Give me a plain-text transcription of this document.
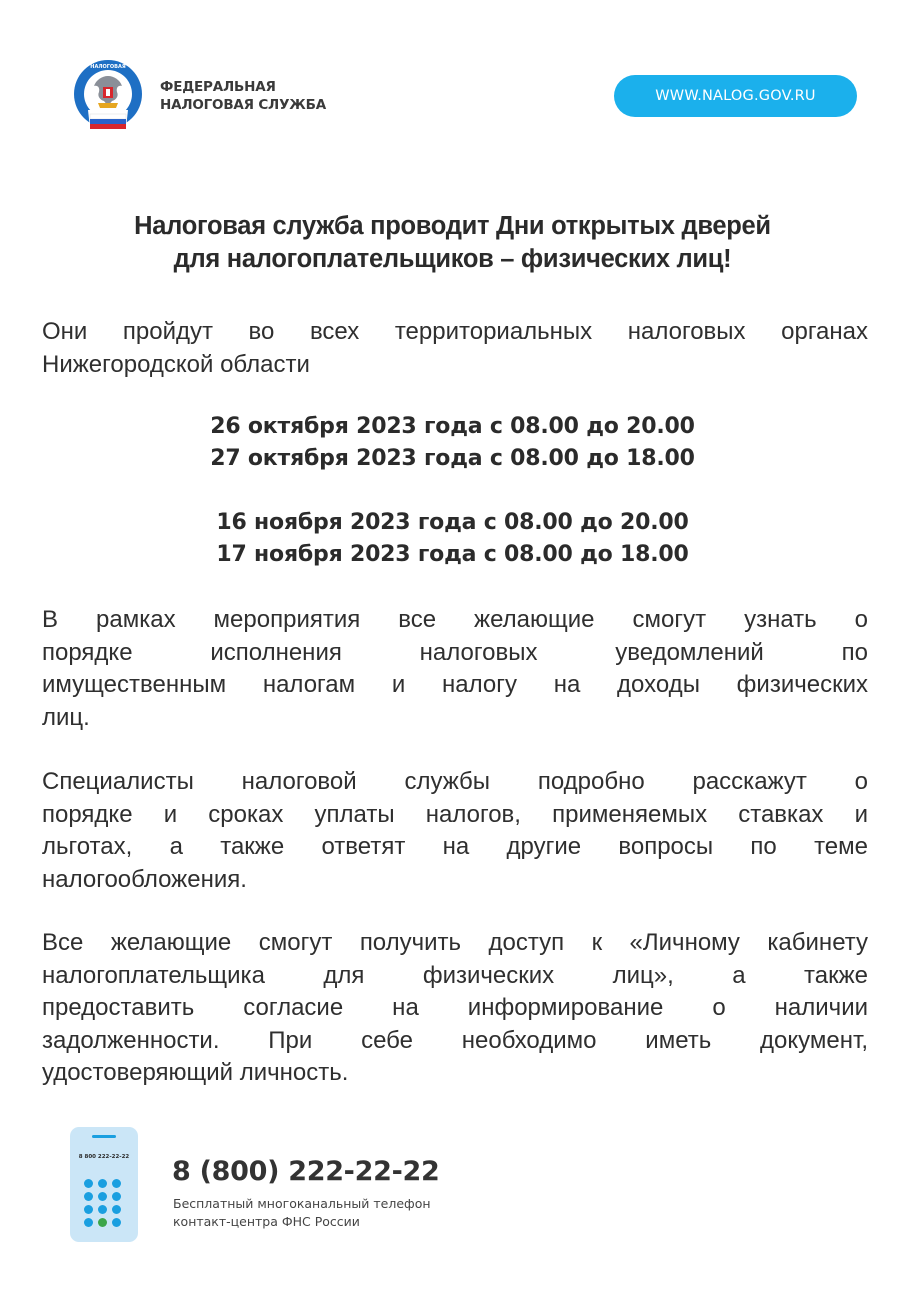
НАЛОГОВАЯ
ФЕДЕРАЛЬНАЯ
НАЛОГОВАЯ СЛУЖБА
WWW.NALOG.GOV.RU
Налоговая служба проводит Дни открытых дверей
для налогоплательщиков – физических лиц!
Они пройдут во всех территориальных налоговых органах
Нижегородской области
26 октября 2023 года с 08.00 до 20.00
27 октября 2023 года с 08.00 до 18.00
16 ноября 2023 года с 08.00 до 20.00
17 ноября 2023 года с 08.00 до 18.00
В рамках мероприятия все желающие смогут узнать о
порядке исполнения налоговых уведомлений по
имущественным налогам и налогу на доходы физических
лиц.
Специалисты налоговой службы подробно расскажут о
порядке и сроках уплаты налогов, применяемых ставках и
льготах, а также ответят на другие вопросы по теме
налогообложения.
Все желающие смогут получить доступ к «Личному кабинету
налогоплательщика для физических лиц», а также
предоставить согласие на информирование о наличии
задолженности. При себе необходимо иметь документ,
удостоверяющий личность.
8 800 222-22-22	8 (800) 222-22-22
Бесплатный многоканальный телефон
контакт-центра ФНС России
